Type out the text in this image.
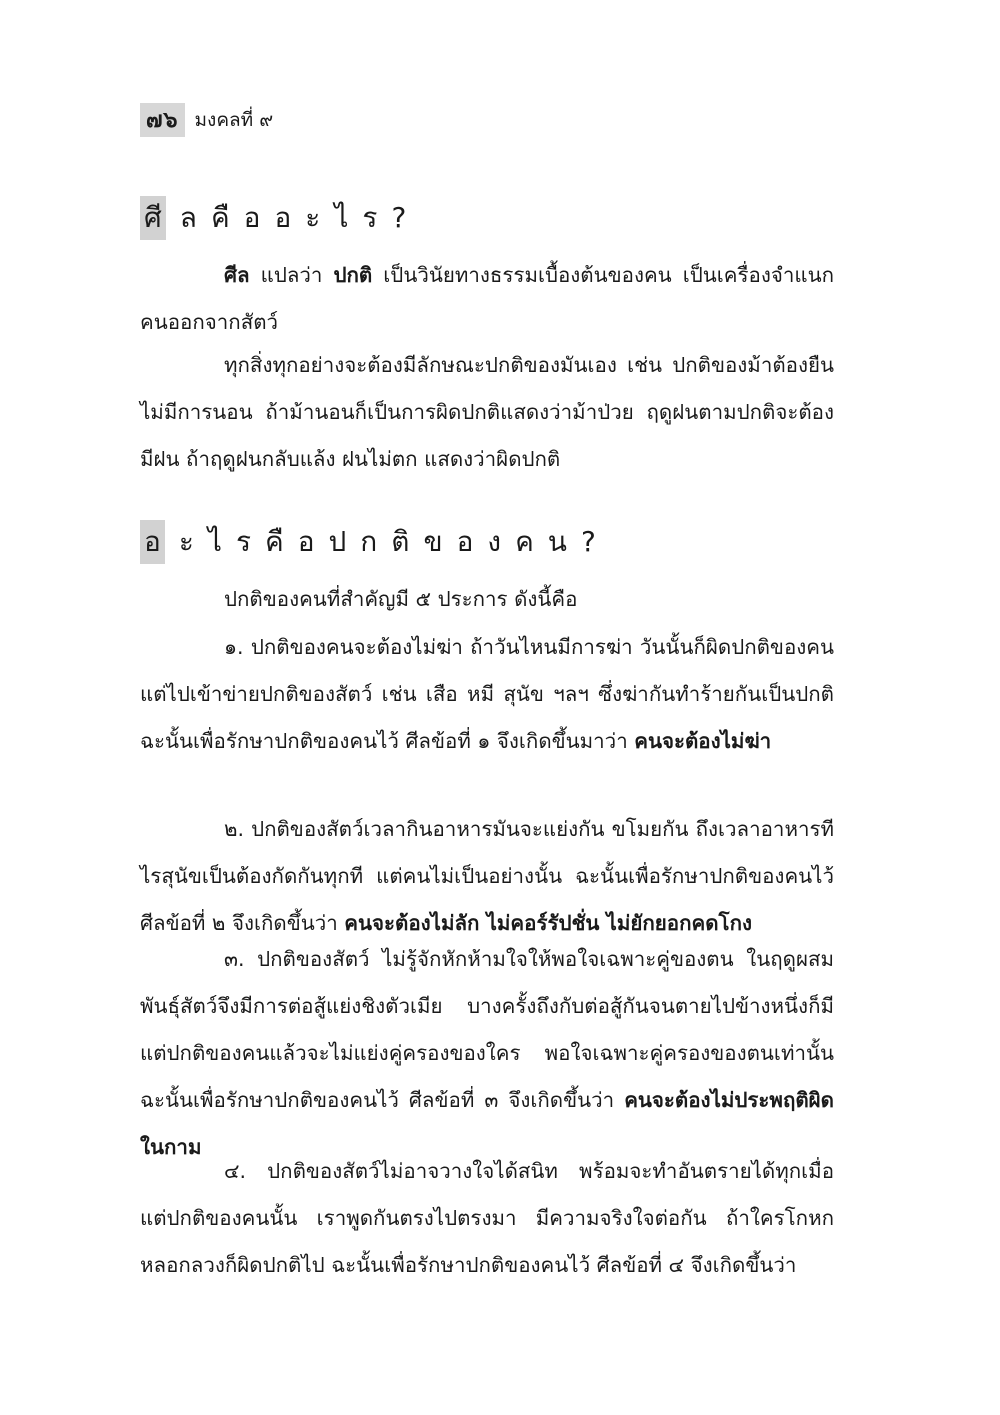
๗๖ มงคลที่ ๙
ศี ลคืออะไร?
ศีล แปลว่า ปกติ เป็นวินัยทางธรรมเบื้องต้นของคน เป็นเครื่องจำแนกคนออกจากสัตว์
ทุกสิ่งทุกอย่างจะต้องมีลักษณะปกติของมันเอง เช่น ปกติของม้าต้องยืนไม่มีการนอน ถ้าม้านอนก็เป็นการผิดปกติแสดงว่าม้าป่วย ฤดูฝนตามปกติจะต้องมีฝน ถ้าฤดูฝนกลับแล้ง ฝนไม่ตก แสดงว่าผิดปกติ
อ ะไรคือปกติของคน?
ปกติของคนที่สำคัญมี ๕ ประการ ดังนี้คือ
๑. ปกติของคนจะต้องไม่ฆ่า ถ้าวันไหนมีการฆ่า วันนั้นก็ผิดปกติของคน แต่ไปเข้าข่ายปกติของสัตว์ เช่น เสือ หมี สุนัข ฯลฯ ซึ่งฆ่ากันทำร้ายกันเป็นปกติ ฉะนั้นเพื่อรักษาปกติของคนไว้ ศีลข้อที่ ๑ จึงเกิดขึ้นมาว่า คนจะต้องไม่ฆ่า
๒. ปกติของสัตว์เวลากินอาหารมันจะแย่งกัน ขโมยกัน ถึงเวลาอาหารทีไรสุนัขเป็นต้องกัดกันทุกที แต่คนไม่เป็นอย่างนั้น ฉะนั้นเพื่อรักษาปกติของคนไว้ ศีลข้อที่ ๒ จึงเกิดขึ้นว่า คนจะต้องไม่ลัก ไม่คอร์รัปชั่น ไม่ยักยอกคดโกง
๓. ปกติของสัตว์ ไม่รู้จักหักห้ามใจให้พอใจเฉพาะคู่ของตน ในฤดูผสมพันธุ์สัตว์จึงมีการต่อสู้แย่งชิงตัวเมีย บางครั้งถึงกับต่อสู้กันจนตายไปข้างหนึ่งก็มี แต่ปกติของคนแล้วจะไม่แย่งคู่ครองของใคร พอใจเฉพาะคู่ครองของตนเท่านั้น ฉะนั้นเพื่อรักษาปกติของคนไว้ ศีลข้อที่ ๓ จึงเกิดขึ้นว่า คนจะต้องไม่ประพฤติผิดในกาม
๔. ปกติของสัตว์ไม่อาจวางใจได้สนิท พร้อมจะทำอันตรายได้ทุกเมื่อ แต่ปกติของคนนั้น เราพูดกันตรงไปตรงมา มีความจริงใจต่อกัน ถ้าใครโกหกหลอกลวงก็ผิดปกติไป ฉะนั้นเพื่อรักษาปกติของคนไว้ ศีลข้อที่ ๔ จึงเกิดขึ้นว่า
